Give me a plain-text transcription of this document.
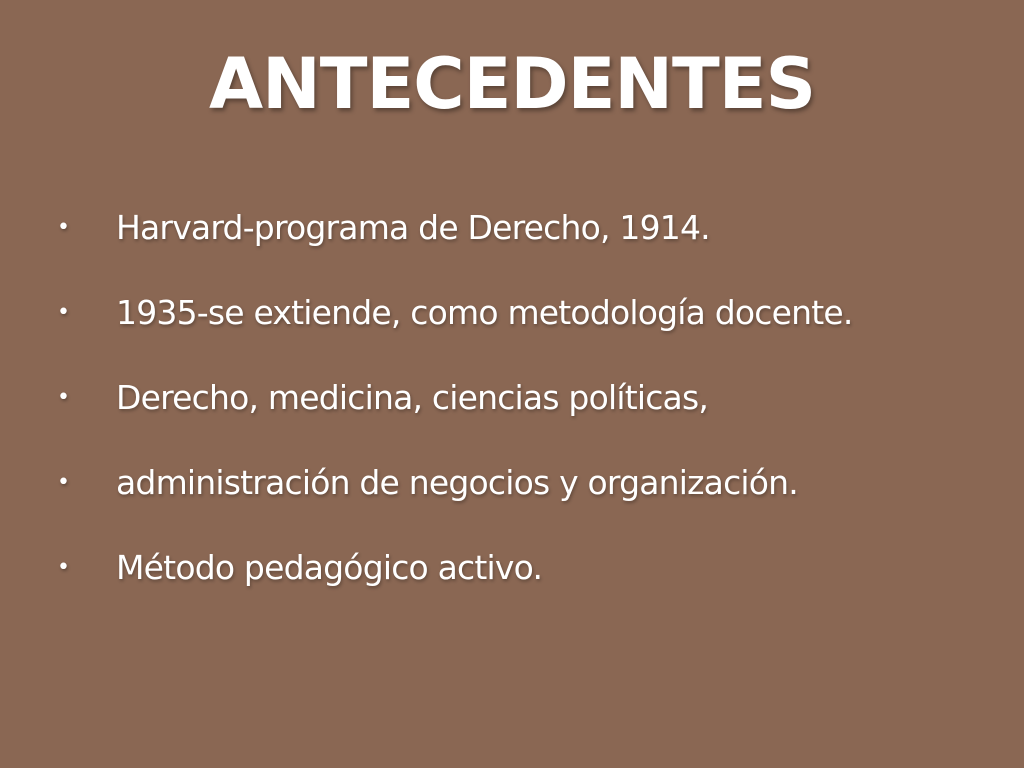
ANTECEDENTES
• Harvard-programa de Derecho, 1914.
• 1935-se extiende, como metodología docente.
• Derecho, medicina, ciencias políticas,
• administración de negocios y organización.
• Método pedagógico activo.
